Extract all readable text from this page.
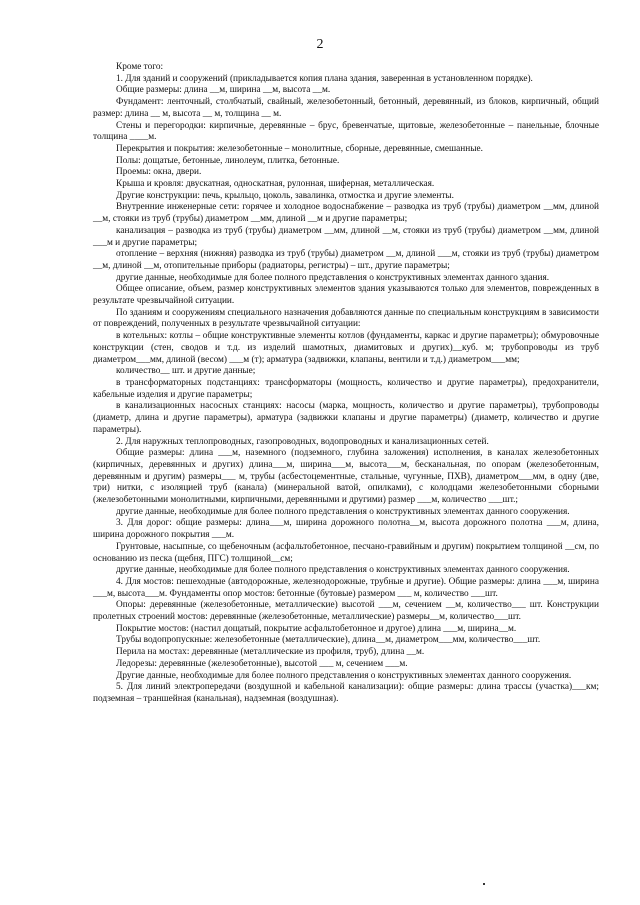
2

Кроме того:

1. Для зданий и сооружений (прикладывается копия плана здания, заверенная в установленном порядке).

Общие размеры: длина __м, ширина __м, высота __м.

Фундамент: ленточный, столбчатый, свайный, железобетонный, бетонный, деревянный, из блоков, кирпичный, общий размер: длина __ м, высота __ м, толщина __ м.

Стены и перегородки: кирпичные, деревянные – брус, бревенчатые, щитовые, железобетонные – панельные, блочные толщина ____м.

Перекрытия и покрытия: железобетонные – монолитные, сборные, деревянные, смешанные.

Полы: дощатые, бетонные, линолеум, плитка, бетонные.

Проемы: окна, двери.

Крыша и кровля: двускатная, односкатная, рулонная, шиферная, металлическая.

Другие конструкции: печь, крыльцо, цоколь, завалинка, отмостка и другие элементы.

Внутренние инженерные сети: горячее и холодное водоснабжение – разводка из труб (трубы) диаметром __мм, длиной __м, стояки из труб (трубы) диаметром __мм, длиной __м и другие параметры;

канализация – разводка из труб (трубы) диаметром __мм, длиной __м, стояки из труб (трубы) диаметром __мм, длиной ___м и другие параметры;

отопление – верхняя (нижняя) разводка из труб (трубы) диаметром __м, длиной ___м, стояки из труб (трубы) диаметром __м, длиной __м, отопительные приборы (радиаторы, регистры) – шт., другие параметры;

другие данные, необходимые для более полного представления о конструктивных элементах данного здания.

Общее описание, объем, размер конструктивных элементов здания указываются только для элементов, поврежденных в результате чрезвычайной ситуации.

По зданиям и сооружениям специального назначения добавляются данные по специальным конструкциям в зависимости от повреждений, полученных в результате чрезвычайной ситуации:

в котельных: котлы – общие конструктивные элементы котлов (фундаменты, каркас и другие параметры); обмуровочные конструкции (стен, сводов и т.д. из изделий шамотных, диамитовых и других)__куб. м; трубопроводы из труб диаметром___мм, длиной (весом) ___м (т); арматура (задвижки, клапаны, вентили и т.д.) диаметром___мм;

количество__ шт. и другие данные;

в трансформаторных подстанциях: трансформаторы (мощность, количество и другие параметры), предохранители, кабельные изделия и другие параметры;

в канализационных насосных станциях: насосы (марка, мощность, количество и другие параметры), трубопроводы (диаметр, длина и другие параметры), арматура (задвижки клапаны и другие параметры) (диаметр, количество и другие параметры).

2. Для наружных теплопроводных, газопроводных, водопроводных и канализационных сетей.

Общие размеры: длина ___м, наземного (подземного, глубина заложения) исполнения, в каналах железобетонных (кирпичных, деревянных и других) длина___м, ширина___м, высота___м, бесканальная, по опорам (железобетонным, деревянным и другим) размеры___ м, трубы (асбестоцементные, стальные, чугунные, ПХВ), диаметром___мм, в одну (две, три) нитки, с изоляцией труб (канала) (минеральной ватой, опилками), с колодцами железобетонными сборными (железобетонными монолитными, кирпичными, деревянными и другими) размер ___м, количество ___шт.;

другие данные, необходимые для более полного представления о конструктивных элементах данного сооружения.

3. Для дорог: общие размеры: длина___м, ширина дорожного полотна__м, высота дорожного полотна ___м, длина, ширина дорожного покрытия ___м.

Грунтовые, насыпные, со щебеночным (асфальтобетонное, песчано-гравийным и другим) покрытием толщиной __см, по основанию из песка (щебня, ПГС) толщиной__см;

другие данные, необходимые для более полного представления о конструктивных элементах данного сооружения.

4. Для мостов: пешеходные (автодорожные, железнодорожные, трубные и другие). Общие размеры: длина ___м, ширина ___м, высота___м. Фундаменты опор мостов: бетонные (бутовые) размером ___ м, количество ___шт.

Опоры: деревянные (железобетонные, металлические) высотой ___м, сечением __м, количество___ шт. Конструкции пролетных строений мостов: деревянные (железобетонные, металлические) размеры__м, количество___шт.

Покрытие мостов: (настил дощатый, покрытие асфальтобетонное и другое) длина ___м, ширина__м.

Трубы водопропускные: железобетонные (металлические), длина__м, диаметром___мм, количество___шт.

Перила на мостах: деревянные (металлические из профиля, труб), длина __м.

Ледорезы: деревянные (железобетонные), высотой ___ м, сечением ___м.

Другие данные, необходимые для более полного представления о конструктивных элементах данного сооружения.

5. Для линий электропередачи (воздушной и кабельной канализации): общие размеры: длина трассы (участка)___км; подземная – траншейная (канальная), надземная (воздушная).
